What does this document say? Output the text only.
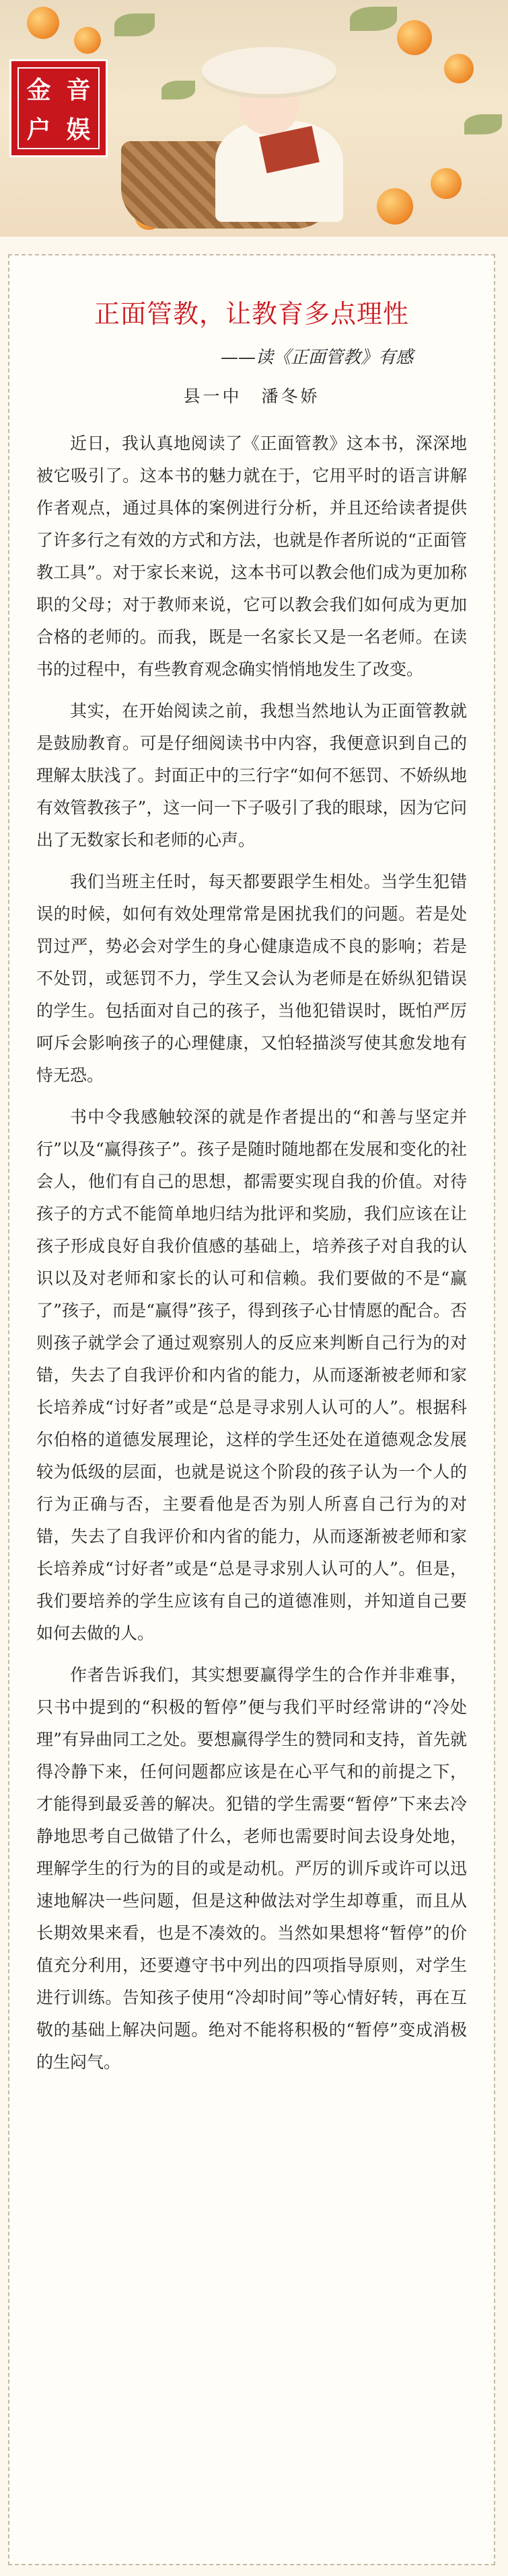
金 音
户 娱
正面管教，让教育多点理性
——读《正面管教》有感
县一中　潘冬娇

近日，我认真地阅读了《正面管教》这本书，深深地被它吸引了。这本书的魅力就在于，它用平时的语言讲解作者观点，通过具体的案例进行分析，并且还给读者提供了许多行之有效的方式和方法，也就是作者所说的“正面管教工具”。对于家长来说，这本书可以教会他们成为更加称职的父母；对于教师来说，它可以教会我们如何成为更加合格的老师的。而我，既是一名家长又是一名老师。在读书的过程中，有些教育观念确实悄悄地发生了改变。

其实，在开始阅读之前，我想当然地认为正面管教就是鼓励教育。可是仔细阅读书中内容，我便意识到自己的理解太肤浅了。封面正中的三行字“如何不惩罚、不娇纵地有效管教孩子”，这一问一下子吸引了我的眼球，因为它问出了无数家长和老师的心声。

我们当班主任时，每天都要跟学生相处。当学生犯错误的时候，如何有效处理常常是困扰我们的问题。若是处罚过严，势必会对学生的身心健康造成不良的影响；若是不处罚，或惩罚不力，学生又会认为老师是在娇纵犯错误的学生。包括面对自己的孩子，当他犯错误时，既怕严厉呵斥会影响孩子的心理健康，又怕轻描淡写使其愈发地有恃无恐。

书中令我感触较深的就是作者提出的“和善与坚定并行”以及“赢得孩子”。孩子是随时随地都在发展和变化的社会人，他们有自己的思想，都需要实现自我的价值。对待孩子的方式不能简单地归结为批评和奖励，我们应该在让孩子形成良好自我价值感的基础上，培养孩子对自我的认识以及对老师和家长的认可和信赖。我们要做的不是“赢了”孩子，而是“赢得”孩子，得到孩子心甘情愿的配合。否则孩子就学会了通过观察别人的反应来判断自己行为的对错，失去了自我评价和内省的能力，从而逐渐被老师和家长培养成“讨好者”或是“总是寻求别人认可的人”。根据科尔伯格的道德发展理论，这样的学生还处在道德观念发展较为低级的层面，也就是说这个阶段的孩子认为一个人的行为正确与否，主要看他是否为别人所喜自己行为的对错，失去了自我评价和内省的能力，从而逐渐被老师和家长培养成“讨好者”或是“总是寻求别人认可的人”。但是，我们要培养的学生应该有自己的道德准则，并知道自己要如何去做的人。

作者告诉我们，其实想要赢得学生的合作并非难事，只书中提到的“积极的暂停”便与我们平时经常讲的“冷处理”有异曲同工之处。要想赢得学生的赞同和支持，首先就得冷静下来，任何问题都应该是在心平气和的前提之下，才能得到最妥善的解决。犯错的学生需要“暂停”下来去冷静地思考自己做错了什么，老师也需要时间去设身处地，理解学生的行为的目的或是动机。严厉的训斥或许可以迅速地解决一些问题，但是这种做法对学生却尊重，而且从长期效果来看，也是不凑效的。当然如果想将“暂停”的价值充分利用，还要遵守书中列出的四项指导原则，对学生进行训练。告知孩子使用“冷却时间”等心情好转，再在互敬的基础上解决问题。绝对不能将积极的“暂停”变成消极的生闷气。
